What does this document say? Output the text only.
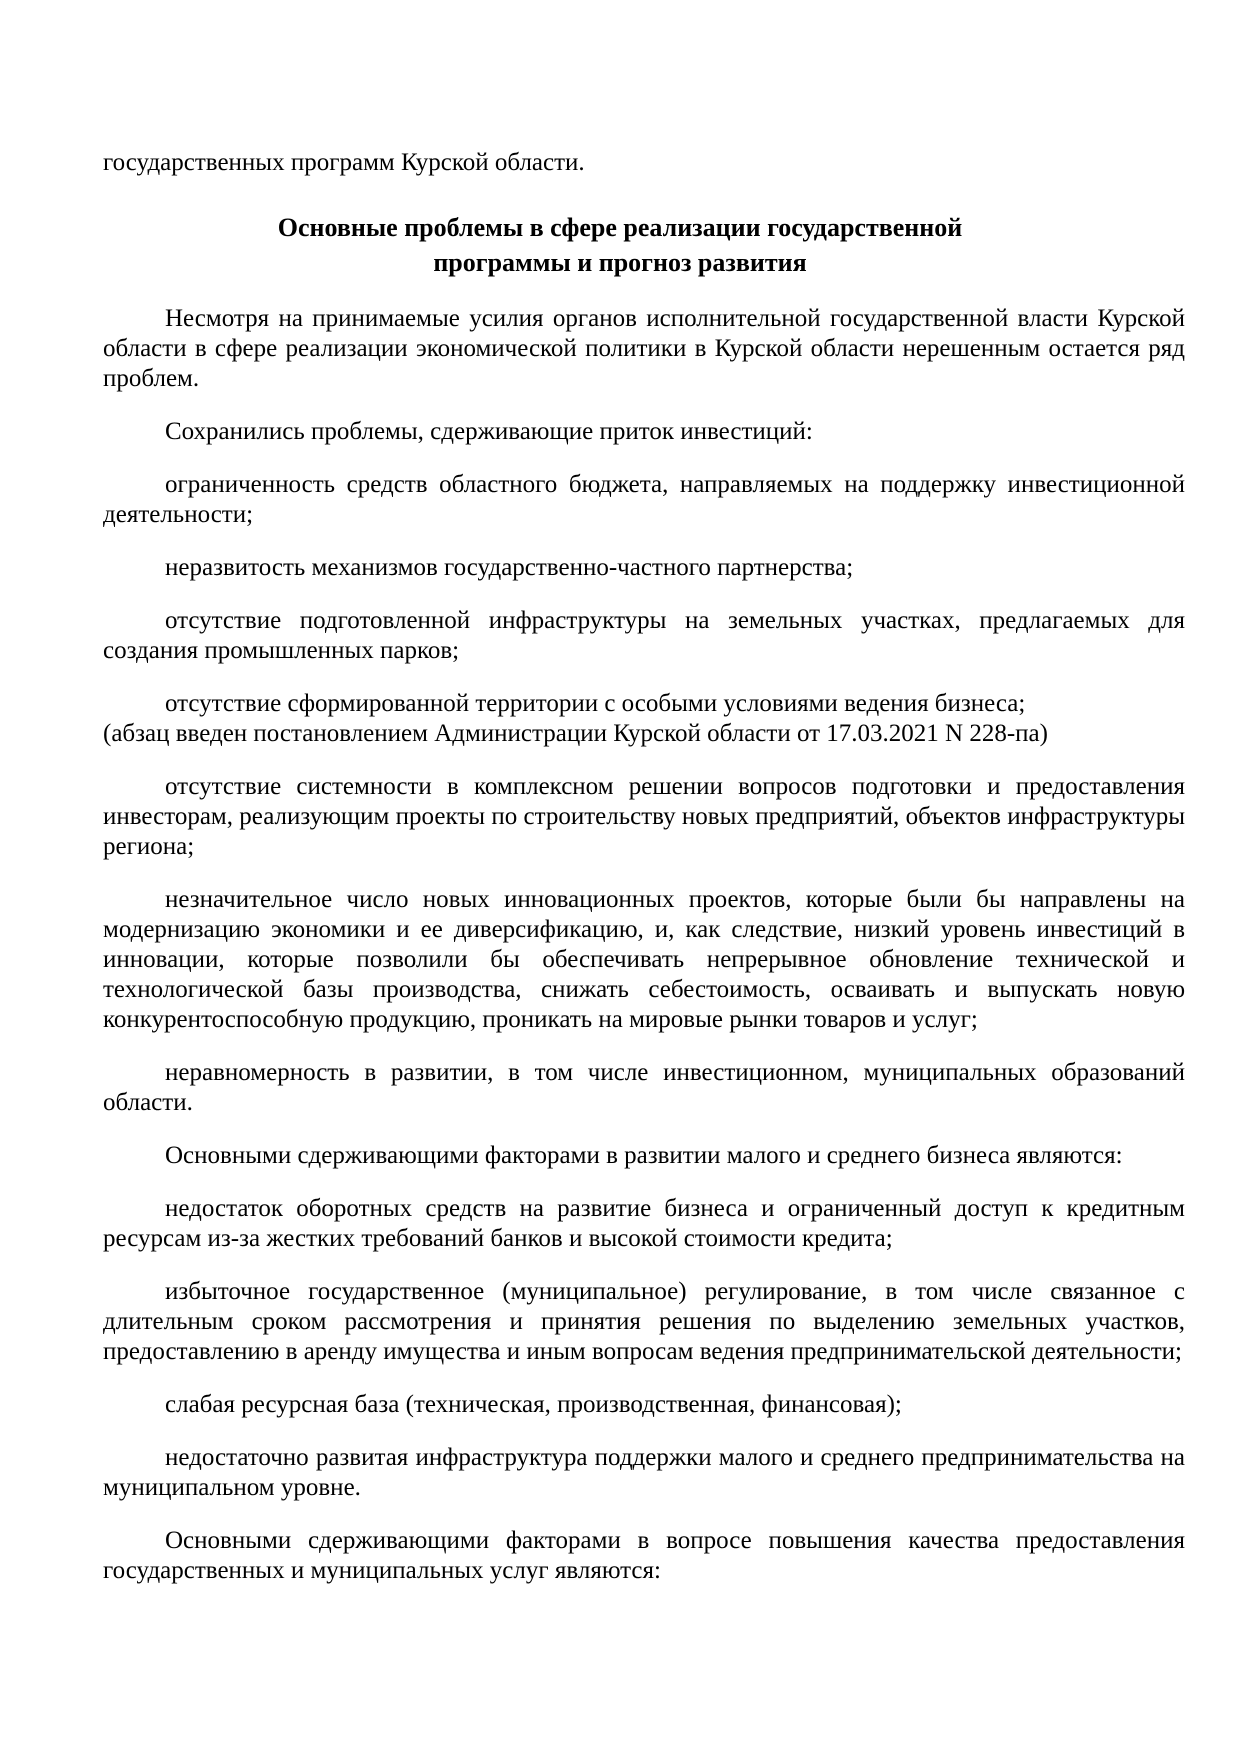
государственных программ Курской области.
Основные проблемы в сфере реализации государственной
программы и прогноз развития

Несмотря на принимаемые усилия органов исполнительной государственной власти Курской области в сфере реализации экономической политики в Курской области нерешенным остается ряд проблем.

Сохранились проблемы, сдерживающие приток инвестиций:

ограниченность средств областного бюджета, направляемых на поддержку инвестиционной деятельности;

неразвитость механизмов государственно-частного партнерства;

отсутствие подготовленной инфраструктуры на земельных участках, предлагаемых для создания промышленных парков;

отсутствие сформированной территории с особыми условиями ведения бизнеса;

(абзац введен постановлением Администрации Курской области от 17.03.2021 N 228-па)

отсутствие системности в комплексном решении вопросов подготовки и предоставления инвесторам, реализующим проекты по строительству новых предприятий, объектов инфраструктуры региона;

незначительное число новых инновационных проектов, которые были бы направлены на модернизацию экономики и ее диверсификацию, и, как следствие, низкий уровень инвестиций в инновации, которые позволили бы обеспечивать непрерывное обновление технической и технологической базы производства, снижать себестоимость, осваивать и выпускать новую конкурентоспособную продукцию, проникать на мировые рынки товаров и услуг;

неравномерность в развитии, в том числе инвестиционном, муниципальных образований области.

Основными сдерживающими факторами в развитии малого и среднего бизнеса являются:

недостаток оборотных средств на развитие бизнеса и ограниченный доступ к кредитным ресурсам из-за жестких требований банков и высокой стоимости кредита;

избыточное государственное (муниципальное) регулирование, в том числе связанное с длительным сроком рассмотрения и принятия решения по выделению земельных участков, предоставлению в аренду имущества и иным вопросам ведения предпринимательской деятельности;

слабая ресурсная база (техническая, производственная, финансовая);

недостаточно развитая инфраструктура поддержки малого и среднего предпринимательства на муниципальном уровне.

Основными сдерживающими факторами в вопросе повышения качества предоставления государственных и муниципальных услуг являются:
